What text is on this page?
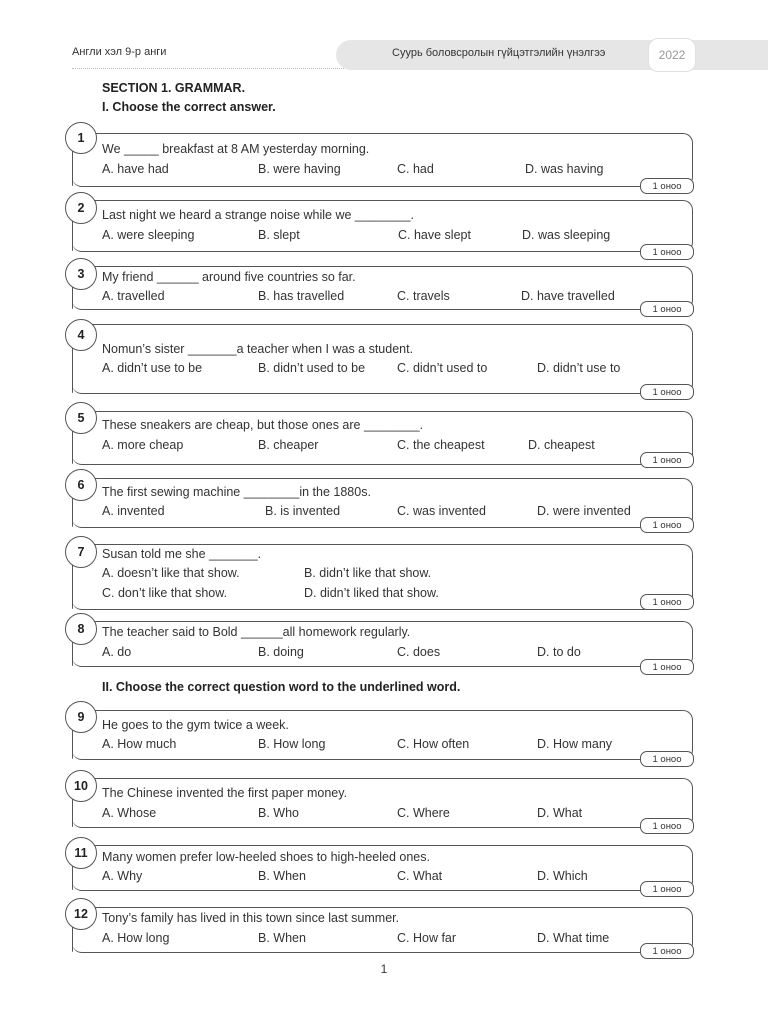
Англи хэл 9-р анги	Суурь боловсролын гүйцэтгэлийн үнэлгээ	2022
SECTION 1. GRAMMAR.
I. Choose the correct answer.
1
We _____ breakfast at 8 AM yesterday morning.
A. have had	B. were having	C. had	D. was having
1 оноо
2	Last night we heard a strange noise while we ________.
A. were sleeping	B. slept	C. have slept	D. was sleeping
1 оноо
3	My friend ______ around five countries so far.
A. travelled	B. has travelled	C. travels	D. have travelled
1 оноо
4
Nomun’s sister _______a teacher when I was a student.
A. didn’t use to be	B. didn’t used to be	C. didn’t used to	D. didn’t use to
1 оноо
5	These sneakers are cheap, but those ones are ________.
A. more cheap	B. cheaper	C. the cheapest	D. cheapest
1 оноо
6	The first sewing machine ________in the 1880s.
A. invented	B. is invented	C. was invented	D. were invented
1 оноо
7	Susan told me she _______.
A. doesn’t like that show.	B. didn’t like that show.
C. don’t like that show.	D. didn’t liked that show.
1 оноо
8	The teacher said to Bold ______all homework regularly.
A. do	B. doing	C. does	D. to do
1 оноо
II. Choose the correct question word to the underlined word.
9
He goes to the gym twice a week.
A. How much	B. How long	C. How often	D. How many
1 оноо
10	The Chinese invented the first paper money.
A. Whose	B. Who	C. Where	D. What
1 оноо
11	Many women prefer low-heeled shoes to high-heeled ones.
A. Why	B. When	C. What	D. Which
1 оноо
12	Tony’s family has lived in this town since last summer.
A. How long	B. When	C. How far	D. What time
1 оноо
1
